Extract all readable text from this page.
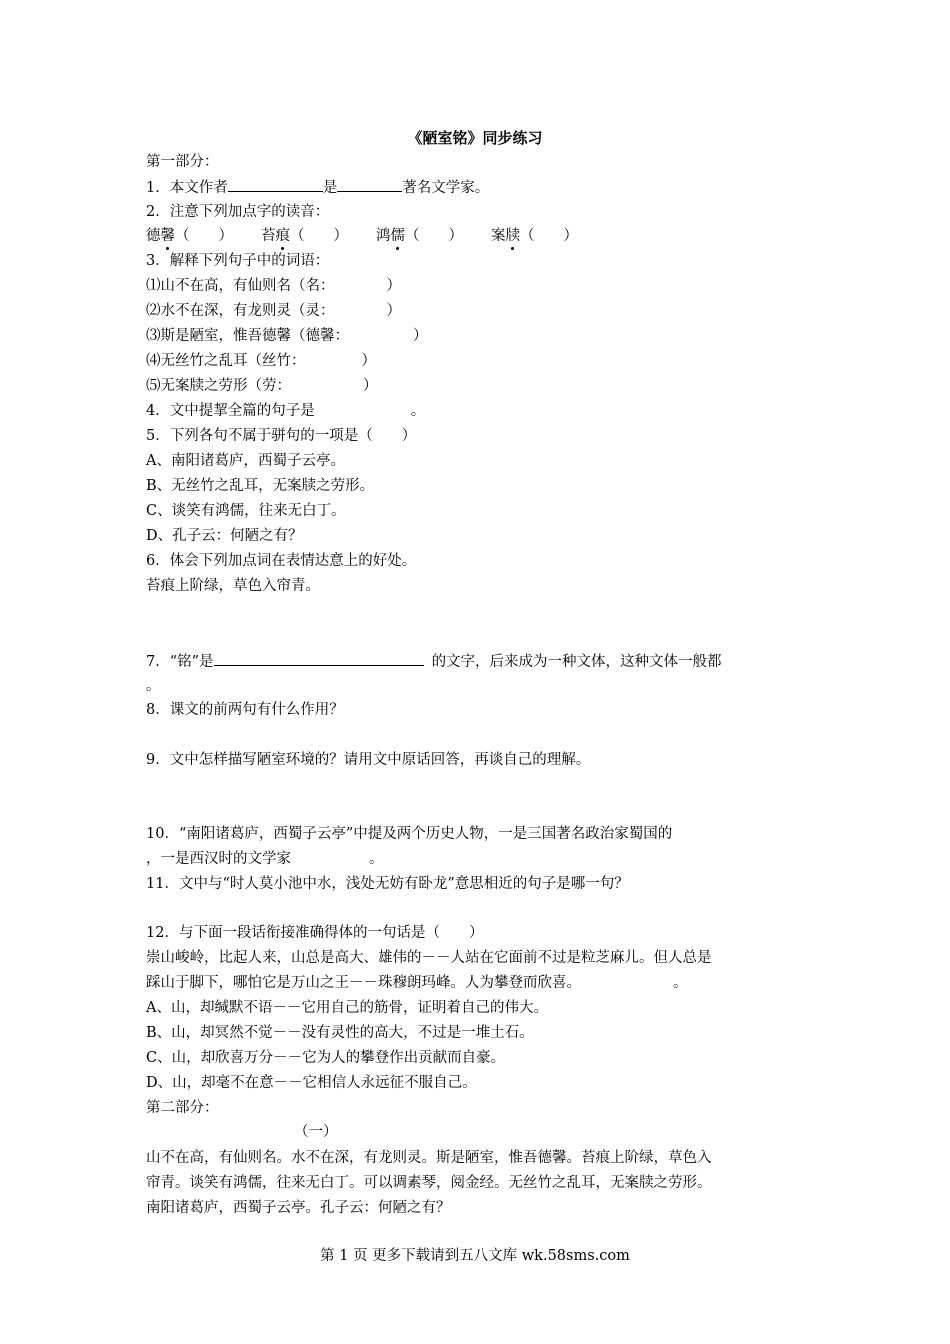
《陋室铭》同步练习
第一部分：
1．本文作者	是	著名文学家。
2．注意下列加点字的读音：
德馨（　　） 苔痕（　　） 鸿儒（　　） 案牍（　　）
3．解释下列句子中的词语：
⑴山不在高，有仙则名（名：	）
⑵水不在深，有龙则灵（灵：	）
⑶斯是陋室，惟吾德馨（德馨：	）
⑷无丝竹之乱耳（丝竹：	）
⑸无案牍之劳形（劳：	）
4．文中提挈全篇的句子是	。
5．下列各句不属于骈句的一项是（　　）
A、南阳诸葛庐，西蜀子云亭。
B、无丝竹之乱耳，无案牍之劳形。
C、谈笑有鸿儒，往来无白丁。
D、孔子云：何陋之有？
6．体会下列加点词在表情达意上的好处。
苔痕上阶绿，草色入帘青。
7．“铭”是	的文字，后来成为一种文体，这种文体一般都
。
8．课文的前两句有什么作用？
9．文中怎样描写陋室环境的？请用文中原话回答，再谈自己的理解。
10．“南阳诸葛庐，西蜀子云亭”中提及两个历史人物，一是三国著名政治家蜀国的
，一是西汉时的文学家	。
11．文中与“时人莫小池中水，浅处无妨有卧龙”意思相近的句子是哪一句？
12．与下面一段话衔接准确得体的一句话是（　　）
崇山峻岭，比起人来，山总是高大、雄伟的－－人站在它面前不过是粒芝麻儿。但人总是
踩山于脚下，哪怕它是万山之王－－珠穆朗玛峰。人为攀登而欣喜。	。
A、山，却缄默不语－－它用自己的筋骨，证明着自己的伟大。
B、山，却冥然不觉－－没有灵性的高大，不过是一堆土石。
C、山，却欣喜万分－－它为人的攀登作出贡献而自豪。
D、山，却毫不在意－－它相信人永远征不服自己。
第二部分：
（一）
山不在高，有仙则名。水不在深，有龙则灵。斯是陋室，惟吾德馨。苔痕上阶绿，草色入
帘青。谈笑有鸿儒，往来无白丁。可以调素琴，阅金经。无丝竹之乱耳，无案牍之劳形。
南阳诸葛庐，西蜀子云亭。孔子云：何陋之有？
第 1 页 更多下载请到五八文库 wk.58sms.com
